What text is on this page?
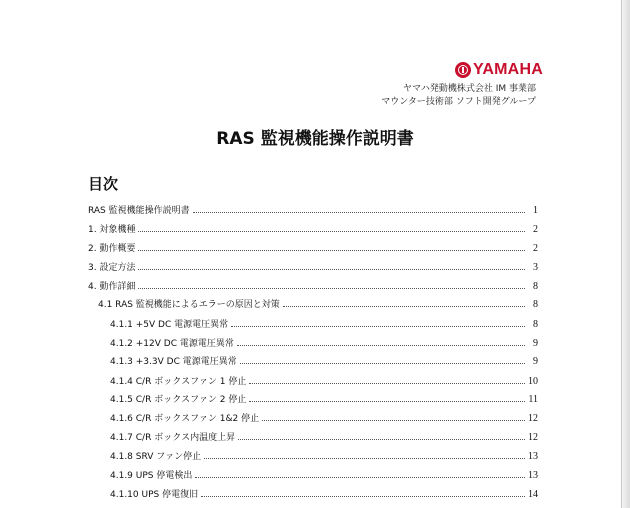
YAMAHA
ヤマハ発動機株式会社 IM 事業部
マウンター技術部 ソフト開発グループ
RAS 監視機能操作説明書
目次
RAS 監視機能操作説明書	1
1. 対象機種	2
2. 動作概要	2
3. 設定方法	3
4. 動作詳細	8
4.1 RAS 監視機能によるエラーの原因と対策	8
4.1.1 +5V DC 電源電圧異常	8
4.1.2 +12V DC 電源電圧異常	9
4.1.3 +3.3V DC 電源電圧異常	9
4.1.4 C/R ボックスファン 1 停止	10
4.1.5 C/R ボックスファン 2 停止	11
4.1.6 C/R ボックスファン 1&2 停止	12
4.1.7 C/R ボックス内温度上昇	12
4.1.8 SRV ファン停止	13
4.1.9 UPS 停電検出	13
4.1.10 UPS 停電復旧	14
